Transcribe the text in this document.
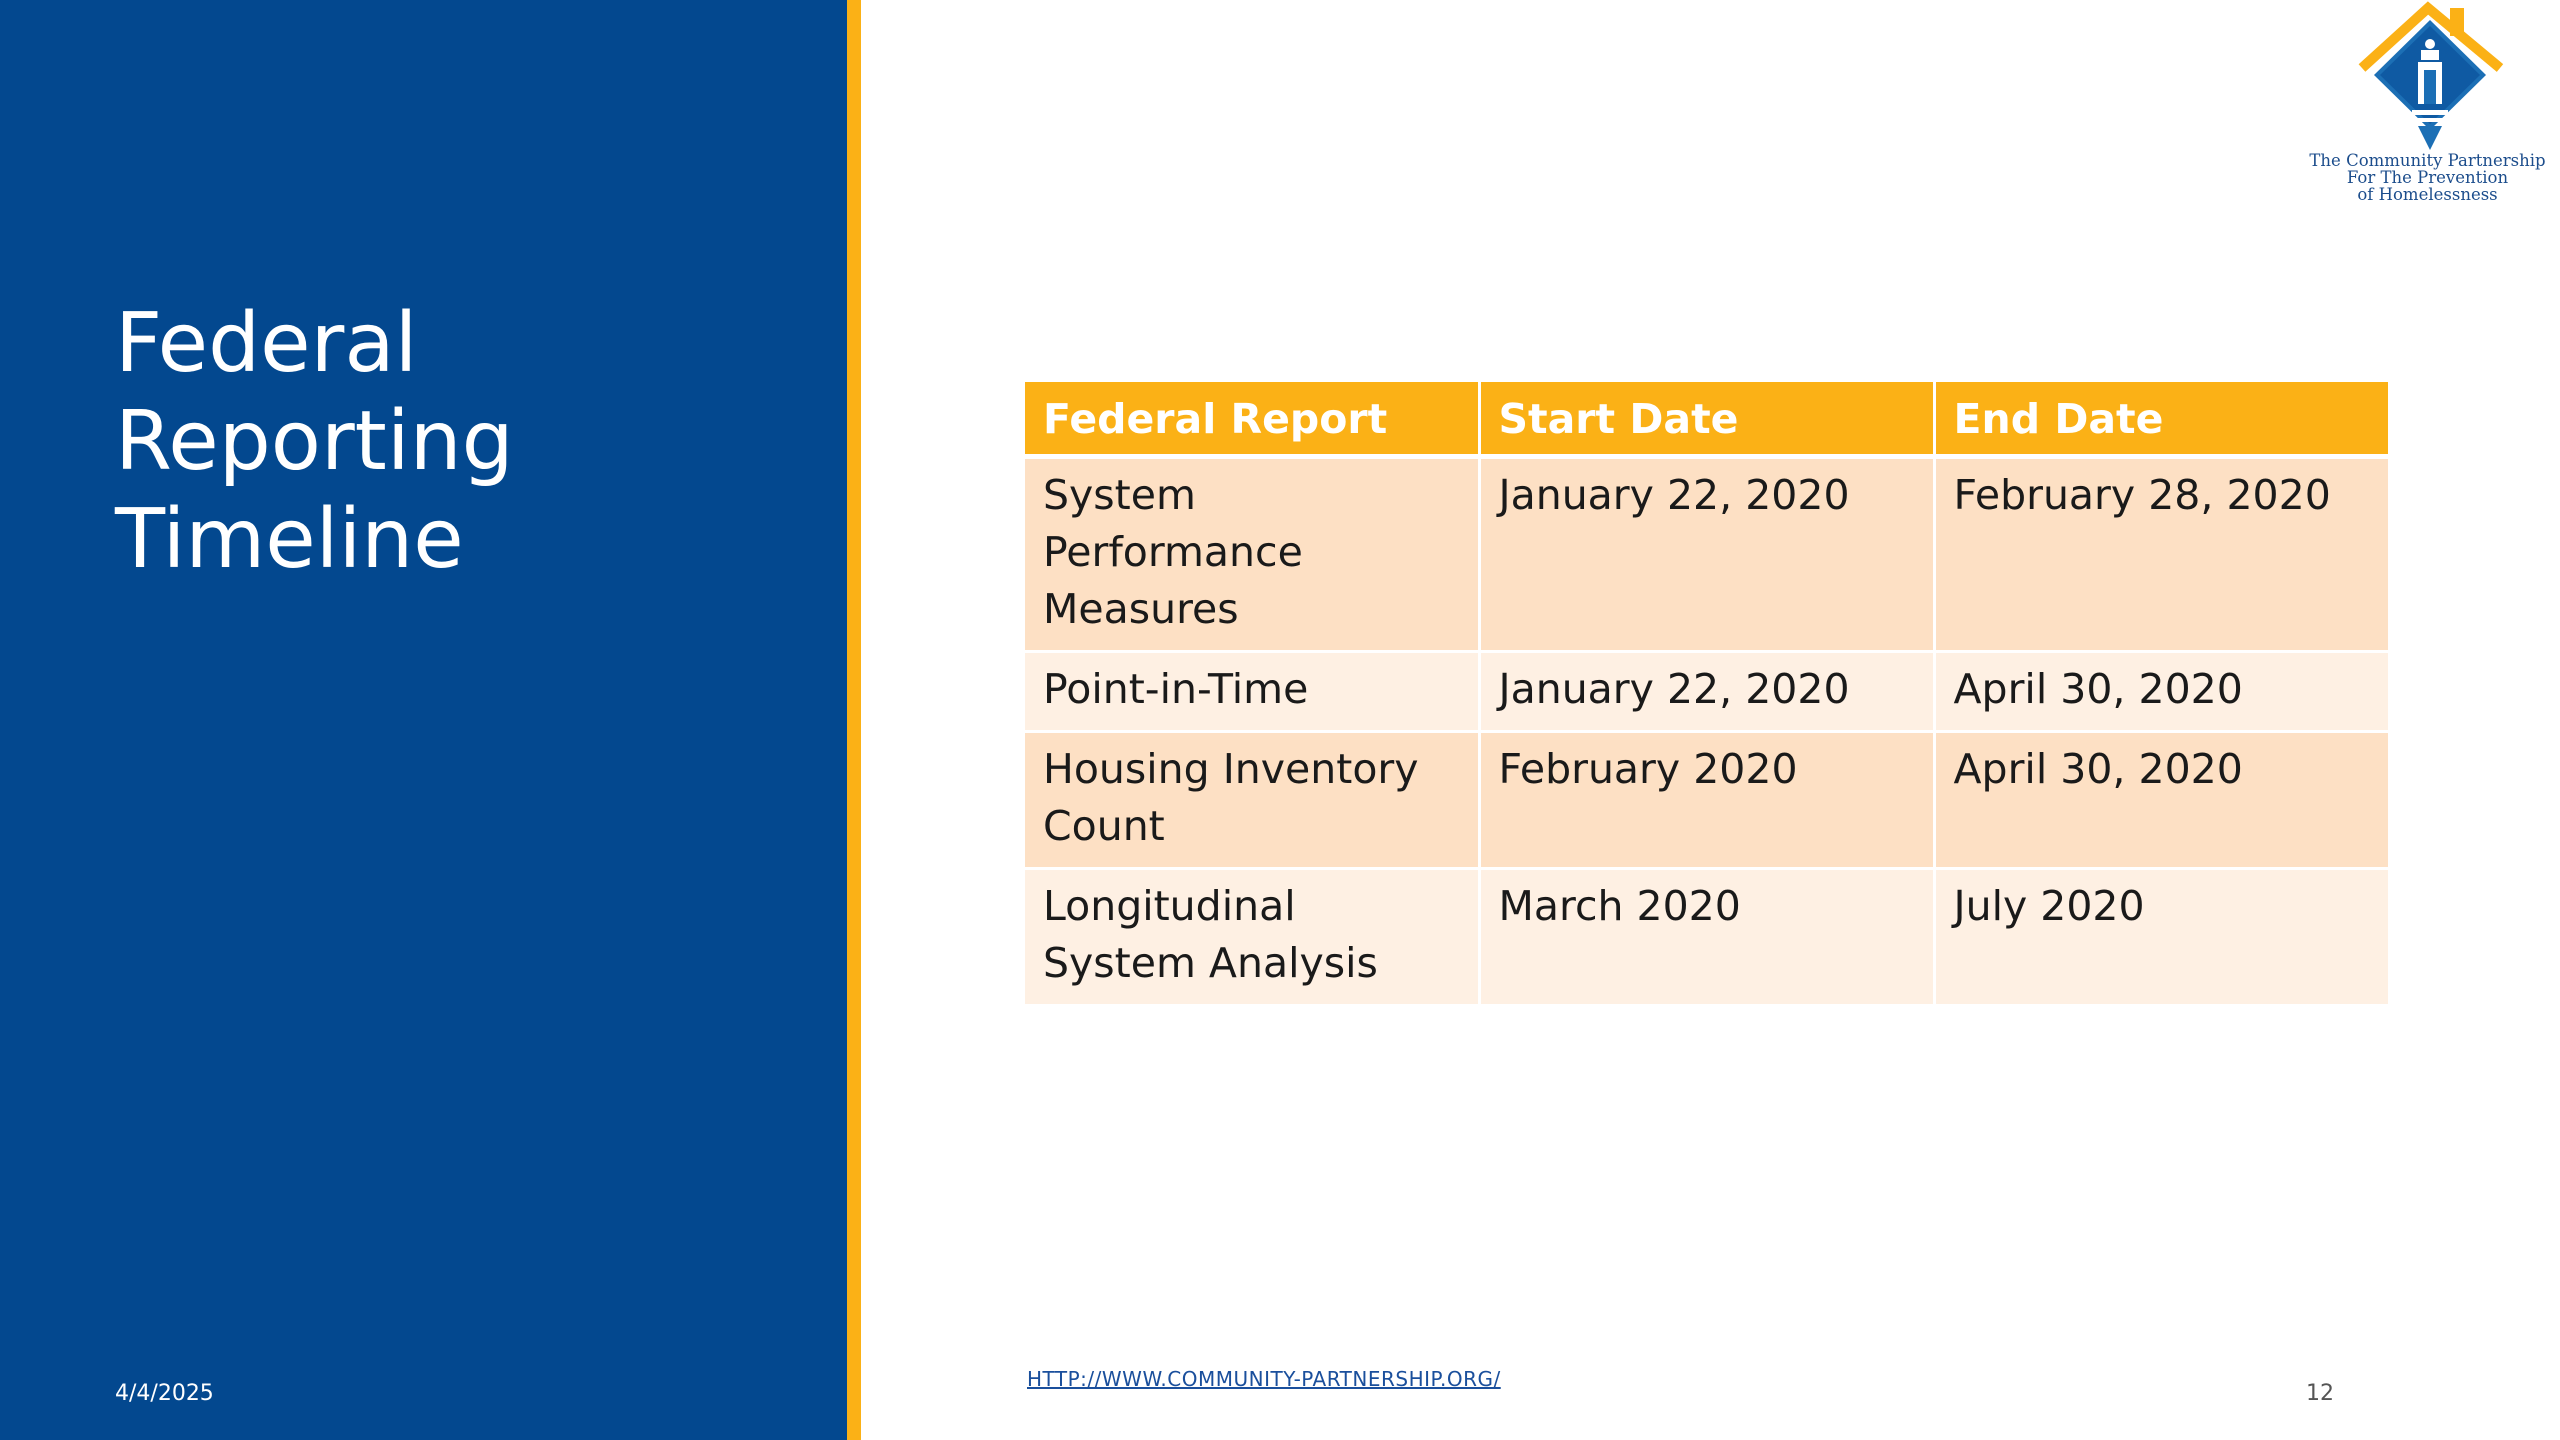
Federal
Reporting
Timeline
4/4/2025
HTTP://WWW.COMMUNITY-PARTNERSHIP.ORG/
12
The Community Partnership
For The Prevention
of Homelessness
Federal Report	Start Date	End Date
System Performance Measures	January 22, 2020	February 28, 2020
Point-in-Time	January 22, 2020	April 30, 2020
Housing Inventory Count	February 2020	April 30, 2020
Longitudinal System Analysis	March 2020	July 2020
